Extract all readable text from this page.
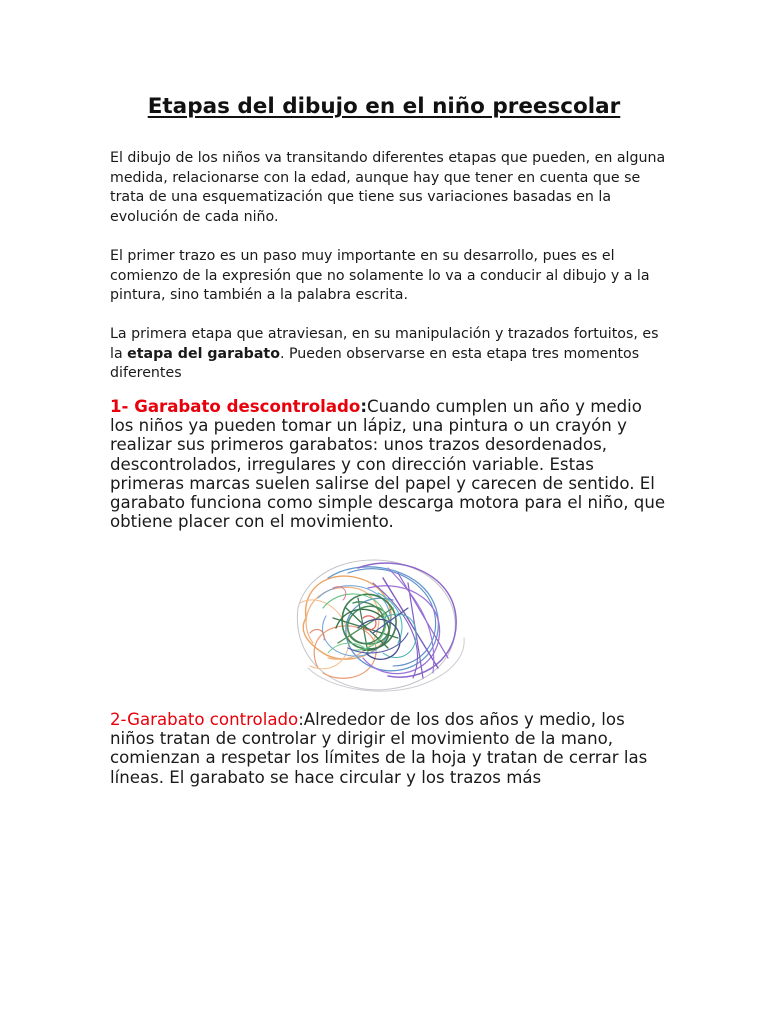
Etapas del dibujo en el niño preescolar

El dibujo de los niños va transitando diferentes etapas que pueden, en alguna medida, relacionarse con la edad, aunque hay que tener en cuenta que se trata de una esquematización que tiene sus variaciones basadas en la evolución de cada niño.

El primer trazo es un paso muy importante en su desarrollo, pues es el comienzo de la expresión que no solamente lo va a conducir al dibujo y a la pintura, sino también a la palabra escrita.

La primera etapa que atraviesan, en su manipulación y trazados fortuitos, es la etapa del garabato. Pueden observarse en esta etapa tres momentos diferentes

1- Garabato descontrolado:Cuando cumplen un año y medio los niños ya pueden tomar un lápiz, una pintura o un crayón y realizar sus primeros garabatos: unos trazos desordenados, descontrolados, irregulares y con dirección variable. Estas primeras marcas suelen salirse del papel y carecen de sentido. El garabato funciona como simple descarga motora para el niño, que obtiene placer con el movimiento.

2-Garabato controlado:Alrededor de los dos años y medio, los niños tratan de controlar y dirigir el movimiento de la mano, comienzan a respetar los límites de la hoja y tratan de cerrar las líneas. El garabato se hace circular y los trazos más
